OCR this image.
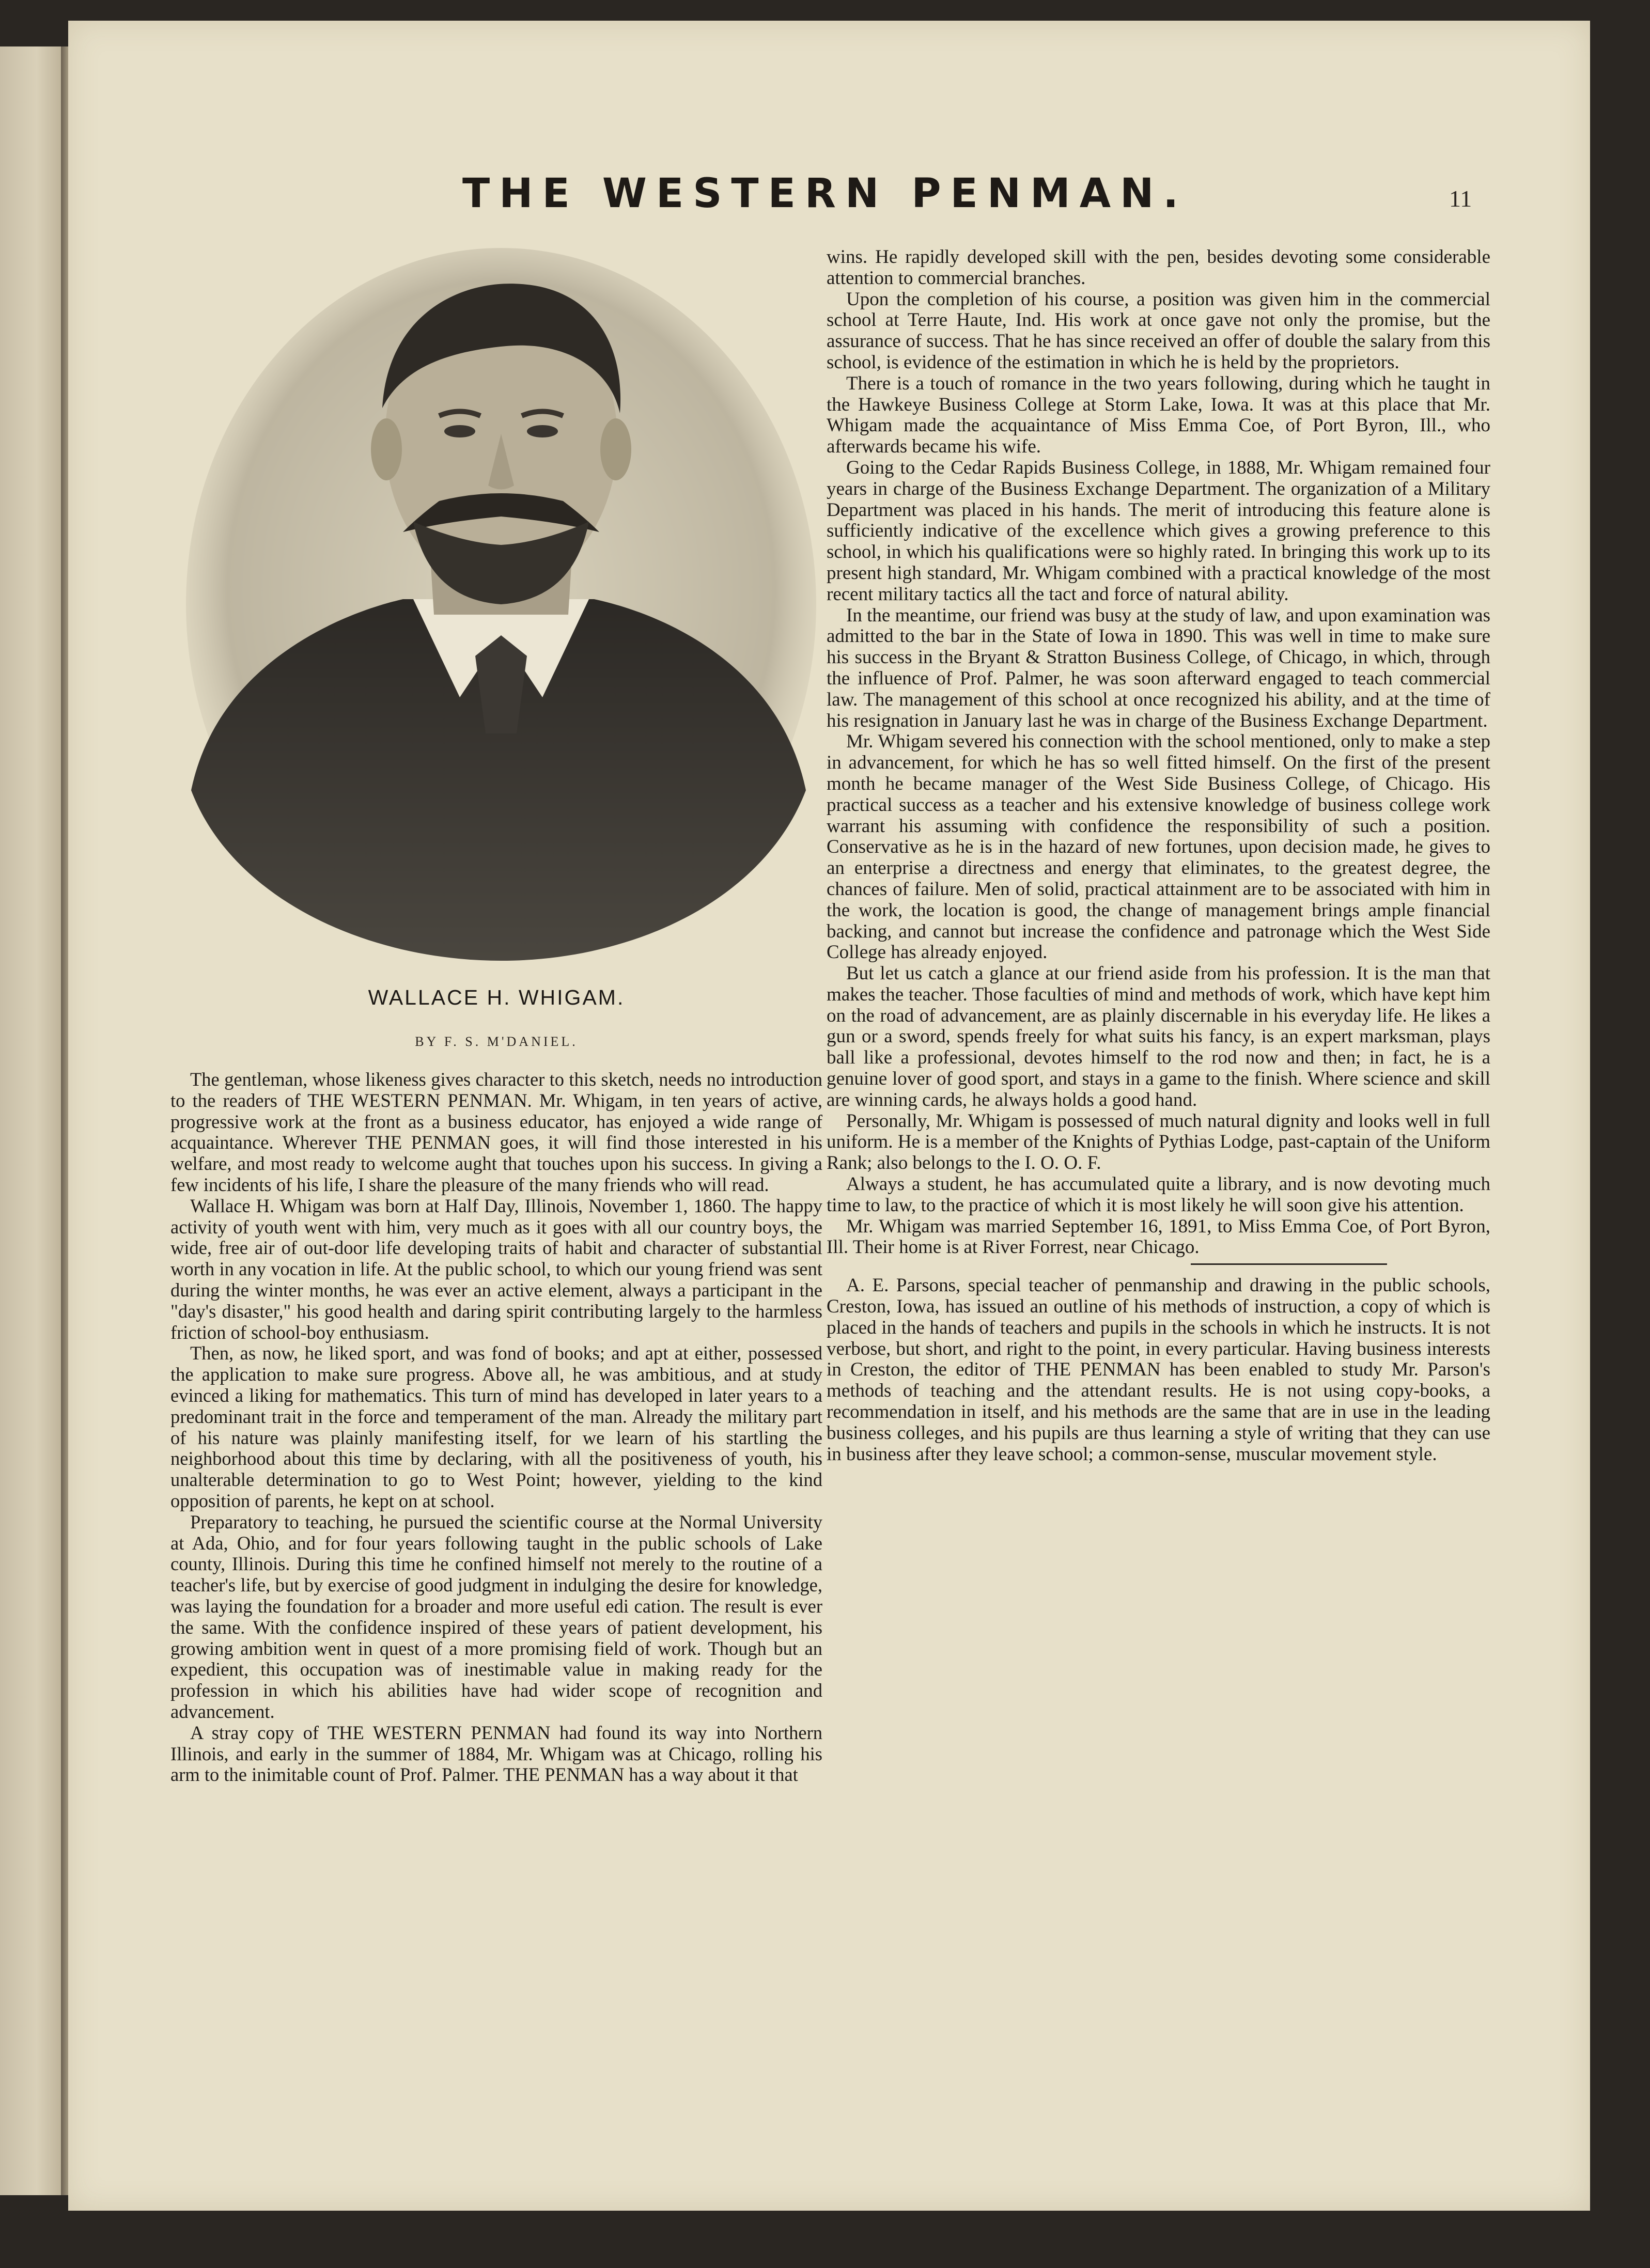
THE WESTERN PENMAN.	11
WALLACE H. WHIGAM.
BY F. S. M'DANIEL.

The gentleman, whose likeness gives character to this sketch, needs no introduction to the readers of THE WESTERN PENMAN. Mr. Whigam, in ten years of active, progressive work at the front as a business educator, has enjoyed a wide range of acquaintance. Wherever THE PENMAN goes, it will find those interested in his welfare, and most ready to welcome aught that touches upon his success. In giving a few incidents of his life, I share the pleasure of the many friends who will read.

Wallace H. Whigam was born at Half Day, Illinois, November 1, 1860. The happy activity of youth went with him, very much as it goes with all our country boys, the wide, free air of out-door life developing traits of habit and character of substantial worth in any vocation in life. At the public school, to which our young friend was sent during the winter months, he was ever an active element, always a participant in the "day's disaster," his good health and daring spirit contributing largely to the harmless friction of school-boy enthusiasm.

Then, as now, he liked sport, and was fond of books; and apt at either, possessed the application to make sure progress. Above all, he was ambitious, and at study evinced a liking for mathematics. This turn of mind has developed in later years to a predominant trait in the force and temperament of the man. Already the military part of his nature was plainly manifesting itself, for we learn of his startling the neighborhood about this time by declaring, with all the positiveness of youth, his unalterable determination to go to West Point; however, yielding to the kind opposition of parents, he kept on at school.

Preparatory to teaching, he pursued the scientific course at the Normal University at Ada, Ohio, and for four years following taught in the public schools of Lake county, Illinois. During this time he confined himself not merely to the routine of a teacher's life, but by exercise of good judgment in indulging the desire for knowledge, was laying the foundation for a broader and more useful edi cation. The result is ever the same. With the confidence inspired of these years of patient development, his growing ambition went in quest of a more promising field of work. Though but an expedient, this occupation was of inestimable value in making ready for the profession in which his abilities have had wider scope of recognition and advancement.

A stray copy of THE WESTERN PENMAN had found its way into Northern Illinois, and early in the summer of 1884, Mr. Whigam was at Chicago, rolling his arm to the inimitable count of Prof. Palmer. THE PENMAN has a way about it that

wins. He rapidly developed skill with the pen, besides devoting some considerable attention to commercial branches.

Upon the completion of his course, a position was given him in the commercial school at Terre Haute, Ind. His work at once gave not only the promise, but the assurance of success. That he has since received an offer of double the salary from this school, is evidence of the estimation in which he is held by the proprietors.

There is a touch of romance in the two years following, during which he taught in the Hawkeye Business College at Storm Lake, Iowa. It was at this place that Mr. Whigam made the acquaintance of Miss Emma Coe, of Port Byron, Ill., who afterwards became his wife.

Going to the Cedar Rapids Business College, in 1888, Mr. Whigam remained four years in charge of the Business Exchange Department. The organization of a Military Department was placed in his hands. The merit of introducing this feature alone is sufficiently indicative of the excellence which gives a growing preference to this school, in which his qualifications were so highly rated. In bringing this work up to its present high standard, Mr. Whigam combined with a practical knowledge of the most recent military tactics all the tact and force of natural ability.

In the meantime, our friend was busy at the study of law, and upon examination was admitted to the bar in the State of Iowa in 1890. This was well in time to make sure his success in the Bryant & Stratton Business College, of Chicago, in which, through the influence of Prof. Palmer, he was soon afterward engaged to teach commercial law. The management of this school at once recognized his ability, and at the time of his resignation in January last he was in charge of the Business Exchange Department.

Mr. Whigam severed his connection with the school mentioned, only to make a step in advancement, for which he has so well fitted himself. On the first of the present month he became manager of the West Side Business College, of Chicago. His practical success as a teacher and his extensive knowledge of business college work warrant his assuming with confidence the responsibility of such a position. Conservative as he is in the hazard of new fortunes, upon decision made, he gives to an enterprise a directness and energy that eliminates, to the greatest degree, the chances of failure. Men of solid, practical attainment are to be associated with him in the work, the location is good, the change of management brings ample financial backing, and cannot but increase the confidence and patronage which the West Side College has already enjoyed.

But let us catch a glance at our friend aside from his profession. It is the man that makes the teacher. Those faculties of mind and methods of work, which have kept him on the road of advancement, are as plainly discernable in his everyday life. He likes a gun or a sword, spends freely for what suits his fancy, is an expert marksman, plays ball like a professional, devotes himself to the rod now and then; in fact, he is a genuine lover of good sport, and stays in a game to the finish. Where science and skill are winning cards, he always holds a good hand.

Personally, Mr. Whigam is possessed of much natural dignity and looks well in full uniform. He is a member of the Knights of Pythias Lodge, past-captain of the Uniform Rank; also belongs to the I. O. O. F.

Always a student, he has accumulated quite a library, and is now devoting much time to law, to the practice of which it is most likely he will soon give his attention.

Mr. Whigam was married September 16, 1891, to Miss Emma Coe, of Port Byron, Ill. Their home is at River Forrest, near Chicago.

A. E. Parsons, special teacher of penmanship and drawing in the public schools, Creston, Iowa, has issued an outline of his methods of instruction, a copy of which is placed in the hands of teachers and pupils in the schools in which he instructs. It is not verbose, but short, and right to the point, in every particular. Having business interests in Creston, the editor of THE PENMAN has been enabled to study Mr. Parson's methods of teaching and the attendant results. He is not using copy-books, a recommendation in itself, and his methods are the same that are in use in the leading business colleges, and his pupils are thus learning a style of writing that they can use in business after they leave school; a common-sense, muscular movement style.
